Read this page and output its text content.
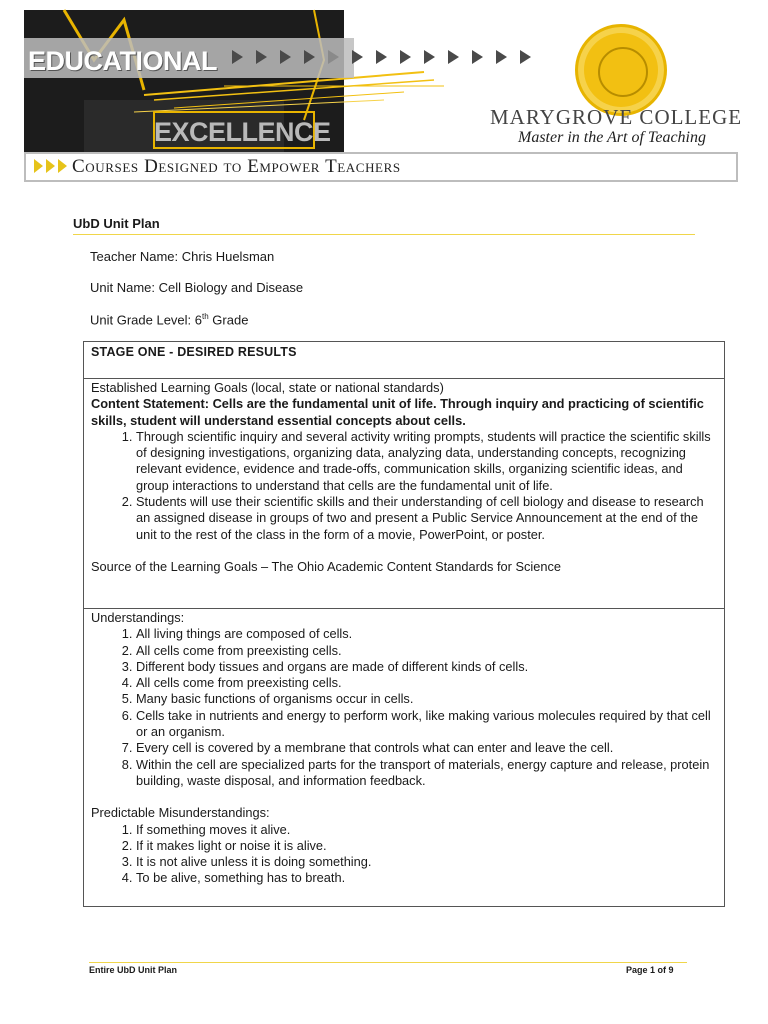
EDUCATIONAL
EXCELLENCE	MARYGROVE COLLEGE
Master in the Art of Teaching
Courses Designed to Empower Teachers
UbD Unit Plan
Teacher Name: Chris Huelsman
Unit Name: Cell Biology and Disease
Unit Grade Level: 6th Grade
STAGE ONE - DESIRED RESULTS
Established Learning Goals (local, state or national standards)
Content Statement: Cells are the fundamental unit of life. Through inquiry and practicing of scientific skills, student will understand essential concepts about cells.
1. Through scientific inquiry and several activity writing prompts, students will practice the scientific skills of designing investigations, organizing data, analyzing data, understanding concepts, recognizing relevant evidence, evidence and trade-offs, communication skills, organizing scientific ideas, and group interactions to understand that cells are the fundamental unit of life.
2. Students will use their scientific skills and their understanding of cell biology and disease to research an assigned disease in groups of two and present a Public Service Announcement at the end of the unit to the rest of the class in the form of a movie, PowerPoint, or poster.
Source of the Learning Goals – The Ohio Academic Content Standards for Science
Understandings:
1. All living things are composed of cells.
2. All cells come from preexisting cells.
3. Different body tissues and organs are made of different kinds of cells.
4. All cells come from preexisting cells.
5. Many basic functions of organisms occur in cells.
6. Cells take in nutrients and energy to perform work, like making various molecules required by that cell or an organism.
7. Every cell is covered by a membrane that controls what can enter and leave the cell.
8. Within the cell are specialized parts for the transport of materials, energy capture and release, protein building, waste disposal, and information feedback.
Predictable Misunderstandings:
1. If something moves it alive.
2. If it makes light or noise it is alive.
3. It is not alive unless it is doing something.
4. To be alive, something has to breath.
Entire UbD Unit Plan	Page 1 of 9
